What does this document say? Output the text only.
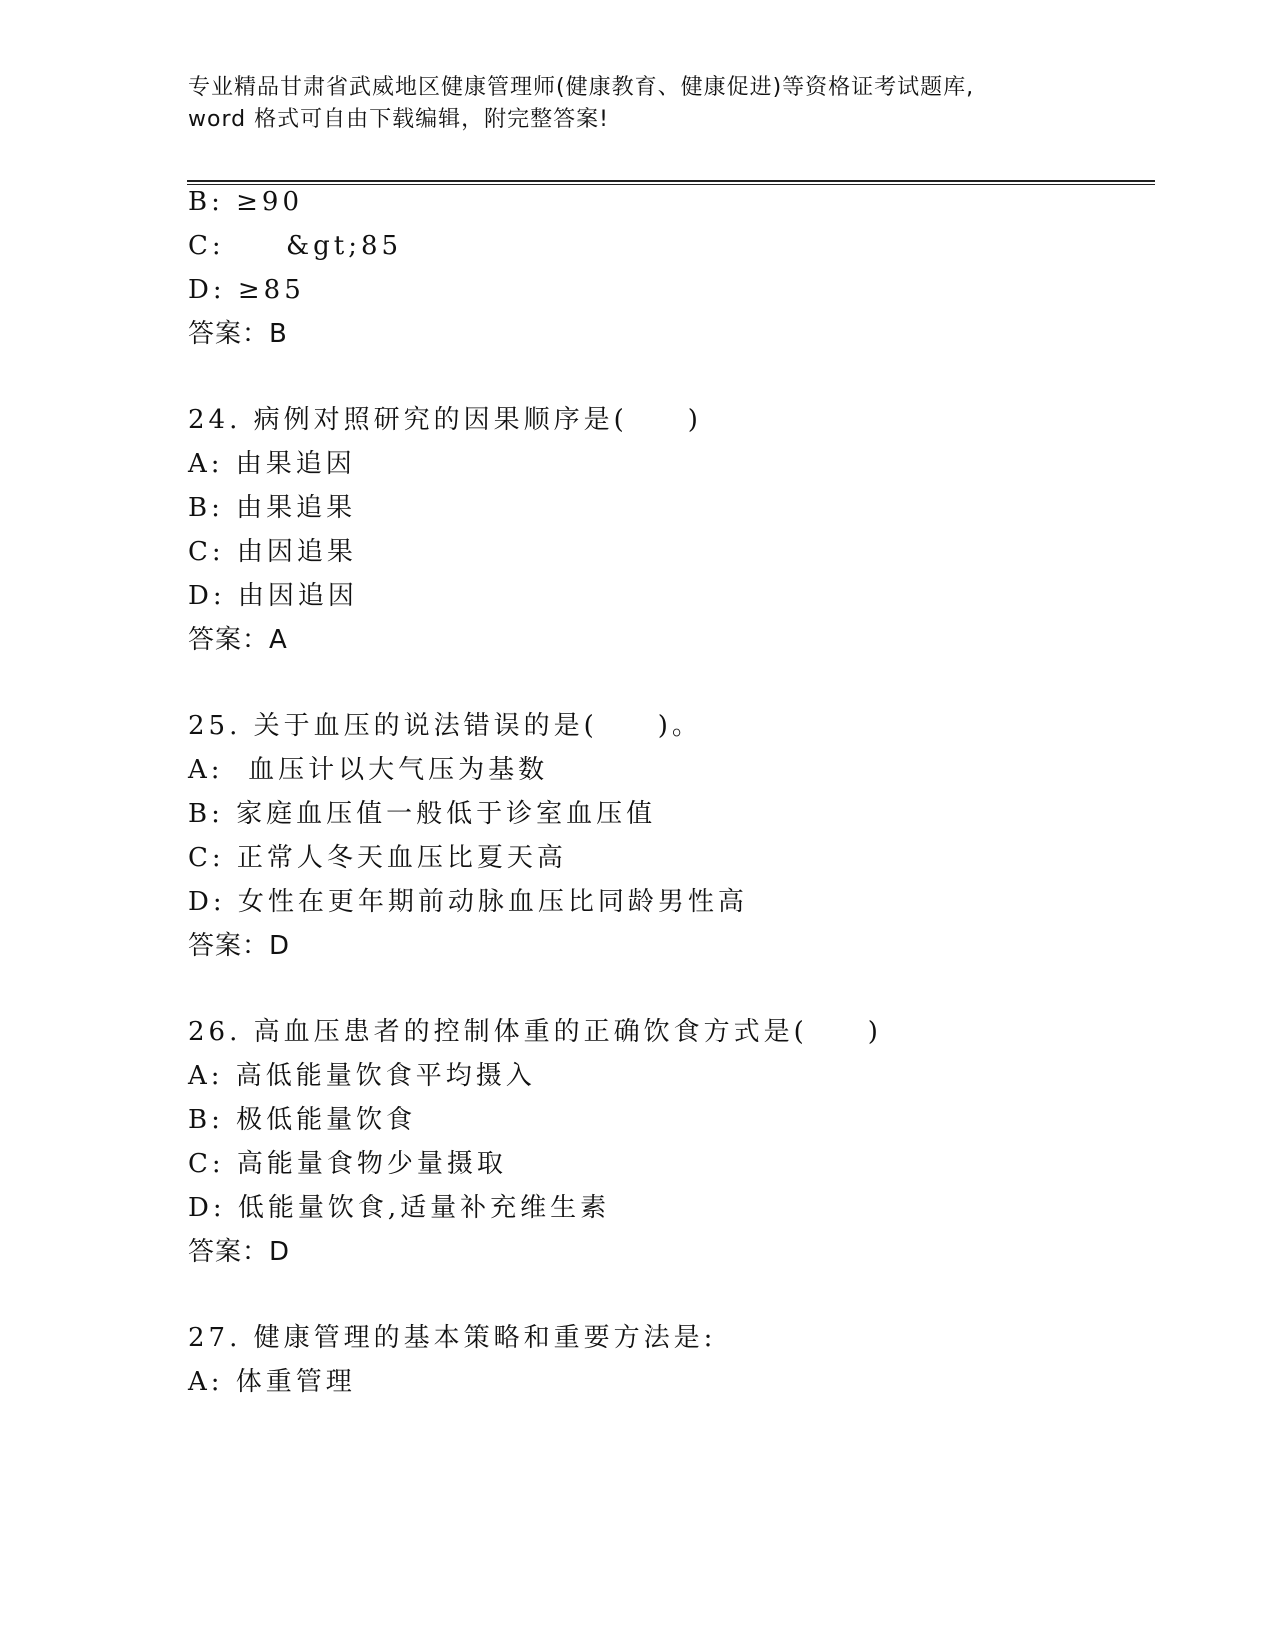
专业精品甘肃省武威地区健康管理师(健康教育、健康促进)等资格证考试题库,
word 格式可自由下载编辑，附完整答案!
B: ≥90
C:     &gt;85
D: ≥85
答案：B
24. 病例对照研究的因果顺序是(　　)
A: 由果追因
B: 由果追果
C: 由因追果
D: 由因追因
答案：A
25. 关于血压的说法错误的是(　　)。
A:  血压计以大气压为基数
B: 家庭血压值一般低于诊室血压值
C: 正常人冬天血压比夏天高
D: 女性在更年期前动脉血压比同龄男性高
答案：D
26. 高血压患者的控制体重的正确饮食方式是(　　)
A: 高低能量饮食平均摄入
B: 极低能量饮食
C: 高能量食物少量摄取
D: 低能量饮食,适量补充维生素
答案：D
27. 健康管理的基本策略和重要方法是:
A: 体重管理
